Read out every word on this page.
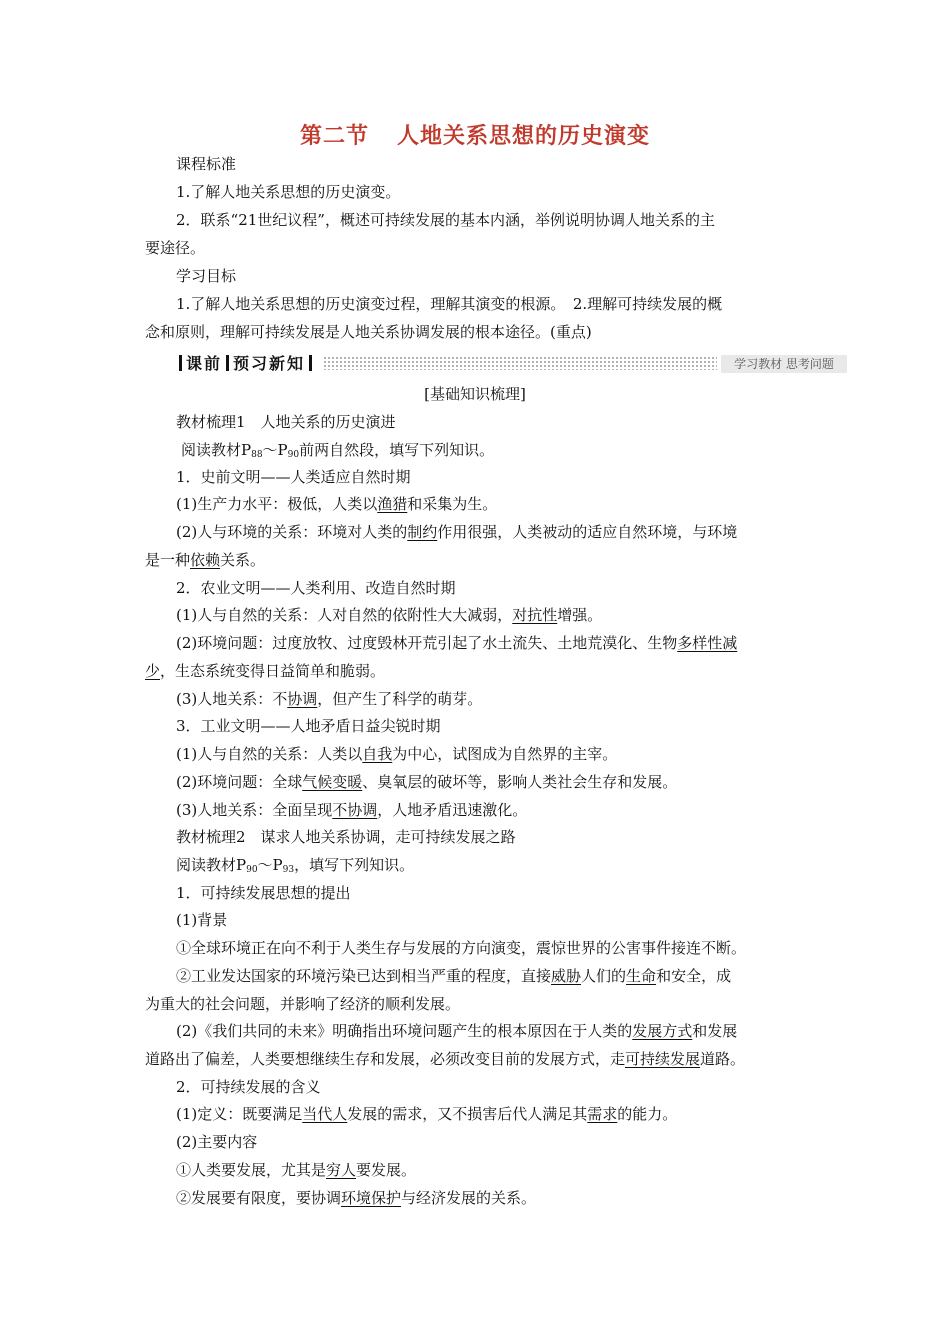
第二节 人地关系思想的历史演变
课程标准
1.了解人地关系思想的历史演变。
2．联系“21世纪议程”，概述可持续发展的基本内涵，举例说明协调人地关系的主
要途径。
学习目标
1.了解人地关系思想的历史演变过程，理解其演变的根源。　2.理解可持续发展的概
念和原则，理解可持续发展是人地关系协调发展的根本途径。(重点)
课前 预习新知	学习教材 思考问题
[基础知识梳理]
教材梳理1　人地关系的历史演进
阅读教材$P_{88}\sim P_{90}$前两自然段，填写下列知识。
1．史前文明——人类适应自然时期
(1)生产力水平：极低，人类以渔猎和采集为生。
(2)人与环境的关系：环境对人类的制约作用很强，人类被动的适应自然环境，与环境
是一种依赖关系。
2．农业文明——人类利用、改造自然时期
(1)人与自然的关系：人对自然的依附性大大减弱，对抗性增强。
(2)环境问题：过度放牧、过度毁林开荒引起了水土流失、土地荒漠化、生物多样性减
少，生态系统变得日益简单和脆弱。
(3)人地关系：不协调，但产生了科学的萌芽。
3．工业文明——人地矛盾日益尖锐时期
(1)人与自然的关系：人类以自我为中心，试图成为自然界的主宰。
(2)环境问题：全球气候变暖、臭氧层的破坏等，影响人类社会生存和发展。
(3)人地关系：全面呈现不协调，人地矛盾迅速激化。
教材梳理2　谋求人地关系协调，走可持续发展之路
阅读教材$P_{90}\sim P_{93}$，填写下列知识。
1．可持续发展思想的提出
(1)背景
①全球环境正在向不利于人类生存与发展的方向演变，震惊世界的公害事件接连不断。
②工业发达国家的环境污染已达到相当严重的程度，直接威胁人们的生命和安全，成
为重大的社会问题，并影响了经济的顺利发展。
(2)《我们共同的未来》明确指出环境问题产生的根本原因在于人类的发展方式和发展
道路出了偏差，人类要想继续生存和发展，必须改变目前的发展方式，走可持续发展道路。
2．可持续发展的含义
(1)定义：既要满足当代人发展的需求，又不损害后代人满足其需求的能力。
(2)主要内容
①人类要发展，尤其是穷人要发展。
②发展要有限度，要协调环境保护与经济发展的关系。
